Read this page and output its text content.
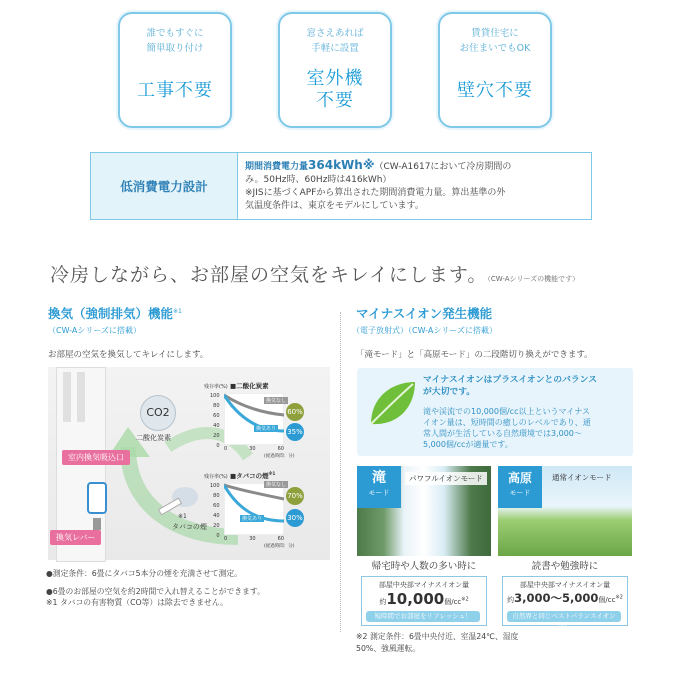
誰でもすぐに
簡単取り付け
工事不要
窓さえあれば
手軽に設置
室外機
不要
賃貸住宅に
お住まいでもOK
壁穴不要
低消費電力設計
期間消費電力量364kWh※（CW-A1617において冷房期間の
み。50Hz時、60Hz時は416kWh）
※JISに基づくAPFから算出された期間消費電力量。算出基準の外
気温度条件は、東京をモデルにしています。
冷房しながら、お部屋の空気をキレイにします。（CW-Aシリーズの機能です）
換気（強制排気）機能$^{※1}$
（CW-Aシリーズに搭載）
お部屋の空気を換気してキレイにします。
CO2
二酸化炭素
※1
タバコの煙
残存率(%) ■二酸化炭素
100
80
60
40
20
0
換気なし
換気あり
60%
35%
0	30	60
(経過時間：分)
残存率(%) ■タバコの煙$^{※1}$
100
80
60
40
20
0
換気なし
換気あり
70%
30%
0	30	60
(経過時間：分)
室内換気吸込口
換気レバー
●測定条件：6畳にタバコ5本分の煙を充満させて測定。
●6畳のお部屋の空気を約2時間で入れ替えることができます。
※1 タバコの有害物質（CO等）は除去できません。
マイナスイオン発生機能
（電子放射式）（CW-Aシリーズに搭載）
「滝モード」と「高原モード」の二段階切り換えができます。
マイナスイオンはプラスイオンとのバランス
が大切です。
滝や渓流での10,000個/cc以上というマイナス
イオン量は、短時間の癒しのレベルであり、通
常人間が生活している自然環境では3,000～
5,000個/ccが適量です。
滝
モード
パワフルイオンモード
帰宅時や人数の多い時に
部屋中央部マイナスイオン量
約10,000個$/cc^{※2}$
短時間でお部屋をリフレッシュ！
高原
モード
通常イオンモード
読書や勉強時に
部屋中央部マイナスイオン量
約3,000～5,000個$/cc^{※2}$
自然界と同じベストバランスイオン量！
※2 測定条件：6畳中央付近、室温24℃、湿度
50%、強風運転。
